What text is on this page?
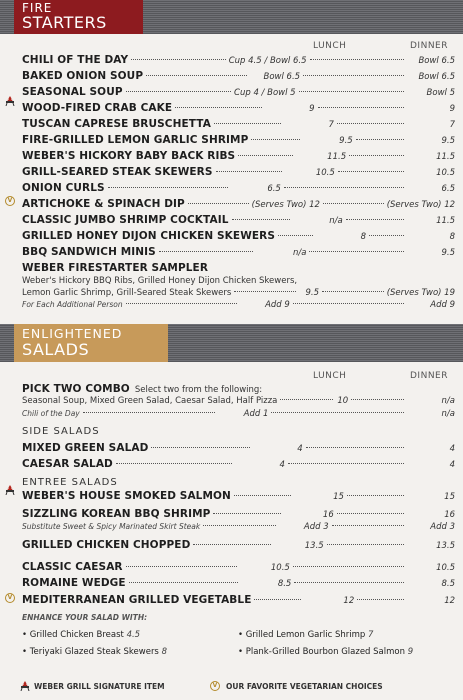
FIRE
STARTERS
LUNCH	DINNER
CHILI OF THE DAY	Cup 4.5 / Bowl 6.5	Bowl 6.5
BAKED ONION SOUP	Bowl 6.5	Bowl 6.5
SEASONAL SOUP	Cup 4 / Bowl 5	Bowl 5
WOOD-FIRED CRAB CAKE	9	9
TUSCAN CAPRESE BRUSCHETTA	7	7
FIRE-GRILLED LEMON GARLIC SHRIMP	9.5	9.5
WEBER'S HICKORY BABY BACK RIBS	11.5	11.5
GRILL-SEARED STEAK SKEWERS	10.5	10.5
ONION CURLS	6.5	6.5
V ARTICHOKE & SPINACH DIP	(Serves Two) 12	(Serves Two) 12
CLASSIC JUMBO SHRIMP COCKTAIL	n/a	11.5
GRILLED HONEY DIJON CHICKEN SKEWERS	8	8
BBQ SANDWICH MINIS	n/a	9.5
WEBER FIRESTARTER SAMPLER
Weber's Hickory BBQ Ribs, Grilled Honey Dijon Chicken Skewers,
Lemon Garlic Shrimp, Grill-Seared Steak Skewers	9.5	(Serves Two) 19
For Each Additional Person	Add 9	Add 9
ENLIGHTENED
SALADS
LUNCH	DINNER
PICK TWO COMBO Select two from the following:
Seasonal Soup, Mixed Green Salad, Caesar Salad, Half Pizza	10	n/a
Chili of the Day	Add 1	n/a
SIDE SALADS
MIXED GREEN SALAD	4	4
CAESAR SALAD	4	4
ENTREE SALADS
WEBER'S HOUSE SMOKED SALMON	15	15
SIZZLING KOREAN BBQ SHRIMP	16	16
Substitute Sweet & Spicy Marinated Skirt Steak	Add 3	Add 3
GRILLED CHICKEN CHOPPED	13.5	13.5
CLASSIC CAESAR	10.5	10.5
ROMAINE WEDGE	8.5	8.5
V MEDITERRANEAN GRILLED VEGETABLE	12	12
ENHANCE YOUR SALAD WITH:
• Grilled Chicken Breast 4.5	• Grilled Lemon Garlic Shrimp 7
• Teriyaki Glazed Steak Skewers 8	• Plank-Grilled Bourbon Glazed Salmon 9
WEBER GRILL SIGNATURE ITEM	V	OUR FAVORITE VEGETARIAN CHOICES
